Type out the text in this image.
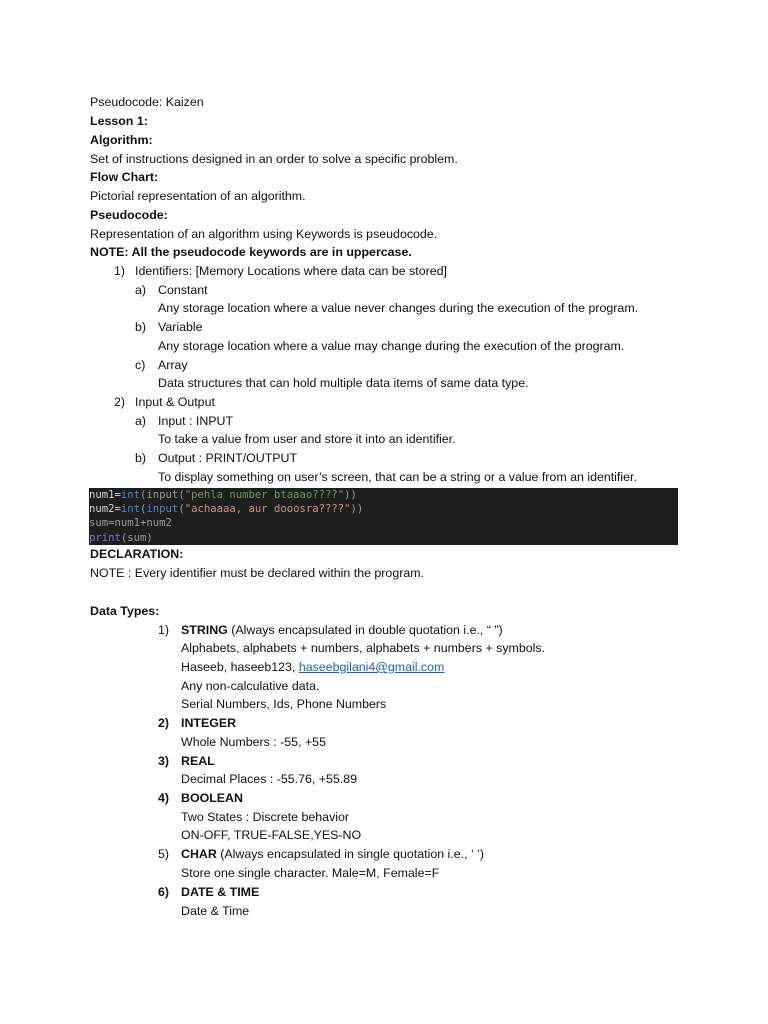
Pseudocode: Kaizen
Lesson 1:
Algorithm:
Set of instructions designed in an order to solve a specific problem.
Flow Chart:
Pictorial representation of an algorithm.
Pseudocode:
Representation of an algorithm using Keywords is pseudocode.
NOTE: All the pseudocode keywords are in uppercase.
1) Identifiers: [Memory Locations where data can be stored]
a) Constant
Any storage location where a value never changes during the execution of the program.
b) Variable
Any storage location where a value may change during the execution of the program.
c) Array
Data structures that can hold multiple data items of same data type.
2) Input & Output
a) Input : INPUT
To take a value from user and store it into an identifier.
b) Output : PRINT/OUTPUT
To display something on user’s screen, that can be a string or a value from an identifier.
num1=int(input("pehla number btaaao????"))
num2=int(input("achaaaa, aur dooosra????"))
sum=num1+num2
print(sum)
DECLARATION:
NOTE : Every identifier must be declared within the program.
Data Types:
1) STRING (Always encapsulated in double quotation i.e., “ ”)
Alphabets, alphabets + numbers, alphabets + numbers + symbols.
Haseeb, haseeb123, haseebgilani4@gmail.com
Any non-calculative data.
Serial Numbers, Ids, Phone Numbers
2) INTEGER
Whole Numbers : -55, +55
3) REAL
Decimal Places : -55.76, +55.89
4) BOOLEAN
Two States : Discrete behavior
ON-OFF, TRUE-FALSE,YES-NO
5) CHAR (Always encapsulated in single quotation i.e., ‘ ’)
Store one single character. Male=M, Female=F
6) DATE & TIME
Date & Time
